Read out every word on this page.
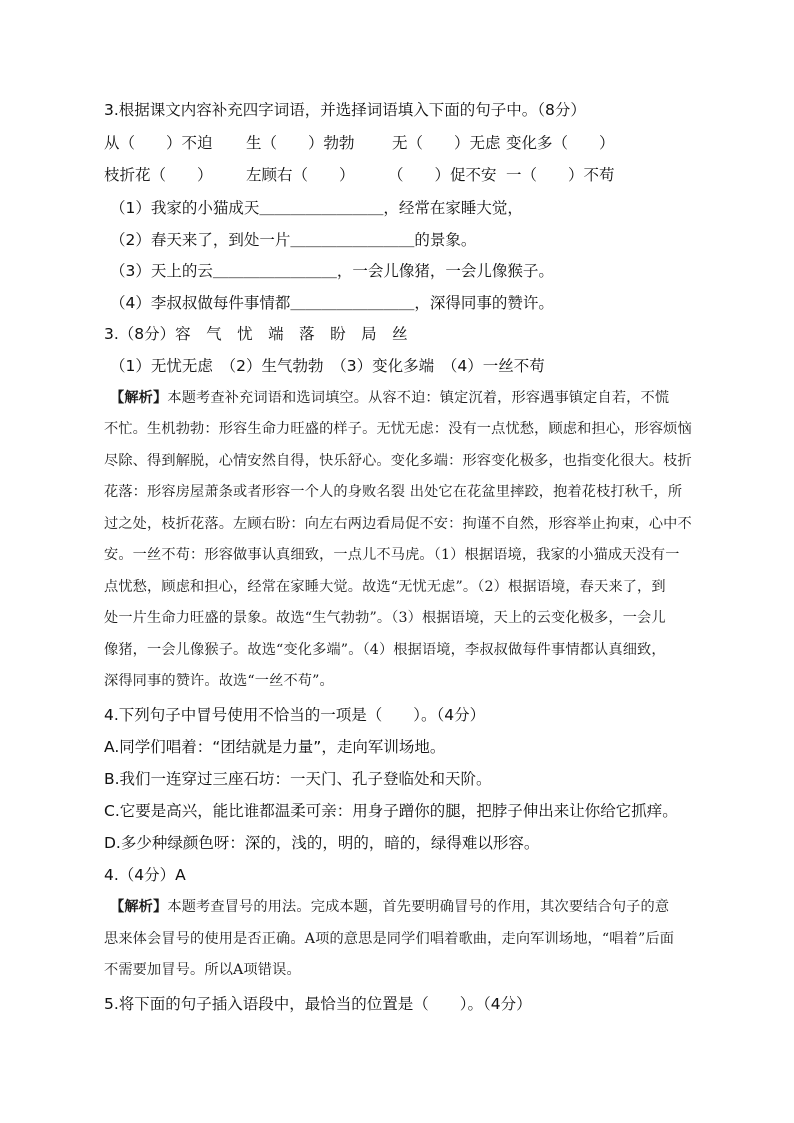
3.根据课文内容补充四字词语，并选择词语填入下面的句子中。（8分）
从（　　）不迫 生（　　）勃勃 无（　　）无虑 变化多（　　）
枝折花（　　） 左顾右（　　） （　　）促不安 一（　　）不苟
（1）我家的小猫成天＿＿＿＿＿＿＿＿，经常在家睡大觉，
（2）春天来了，到处一片＿＿＿＿＿＿＿＿的景象。
（3）天上的云＿＿＿＿＿＿＿＿，一会儿像猪，一会儿像猴子。
（4）李叔叔做每件事情都＿＿＿＿＿＿＿＿，深得同事的赞许。
3.（8分）容　气　忧　端　落　盼　局　丝
（1）无忧无虑　（2）生气勃勃　（3）变化多端　（4）一丝不苟
【解析】本题考查补充词语和选词填空。从容不迫：镇定沉着，形容遇事镇定自若，不慌
不忙。生机勃勃：形容生命力旺盛的样子。无忧无虑：没有一点忧愁，顾虑和担心，形容烦恼
尽除、得到解脱，心情安然自得，快乐舒心。变化多端：形容变化极多，也指变化很大。枝折
花落：形容房屋萧条或者形容一个人的身败名裂 出处它在花盆里摔跤，抱着花枝打秋千，所
过之处，枝折花落。左顾右盼：向左右两边看局促不安：拘谨不自然，形容举止拘束，心中不
安。一丝不苟：形容做事认真细致，一点儿不马虎。（1）根据语境，我家的小猫成天没有一
点忧愁，顾虑和担心，经常在家睡大觉。故选“无忧无虑”。（2）根据语境，春天来了，到
处一片生命力旺盛的景象。故选“生气勃勃”。（3）根据语境，天上的云变化极多，一会儿
像猪，一会儿像猴子。故选“变化多端”。（4）根据语境，李叔叔做每件事情都认真细致，
深得同事的赞许。故选“一丝不苟”。
4.下列句子中冒号使用不恰当的一项是（　　）。（4分）
A.同学们唱着：“团结就是力量”，走向军训场地。
B.我们一连穿过三座石坊：一天门、孔子登临处和天阶。
C.它要是高兴，能比谁都温柔可亲：用身子蹭你的腿，把脖子伸出来让你给它抓痒。
D.多少种绿颜色呀：深的，浅的，明的，暗的，绿得难以形容。
4.（4分）A
【解析】本题考查冒号的用法。完成本题，首先要明确冒号的作用，其次要结合句子的意
思来体会冒号的使用是否正确。A项的意思是同学们唱着歌曲，走向军训场地，“唱着”后面
不需要加冒号。所以A项错误。
5.将下面的句子插入语段中，最恰当的位置是（　　）。（4分）
